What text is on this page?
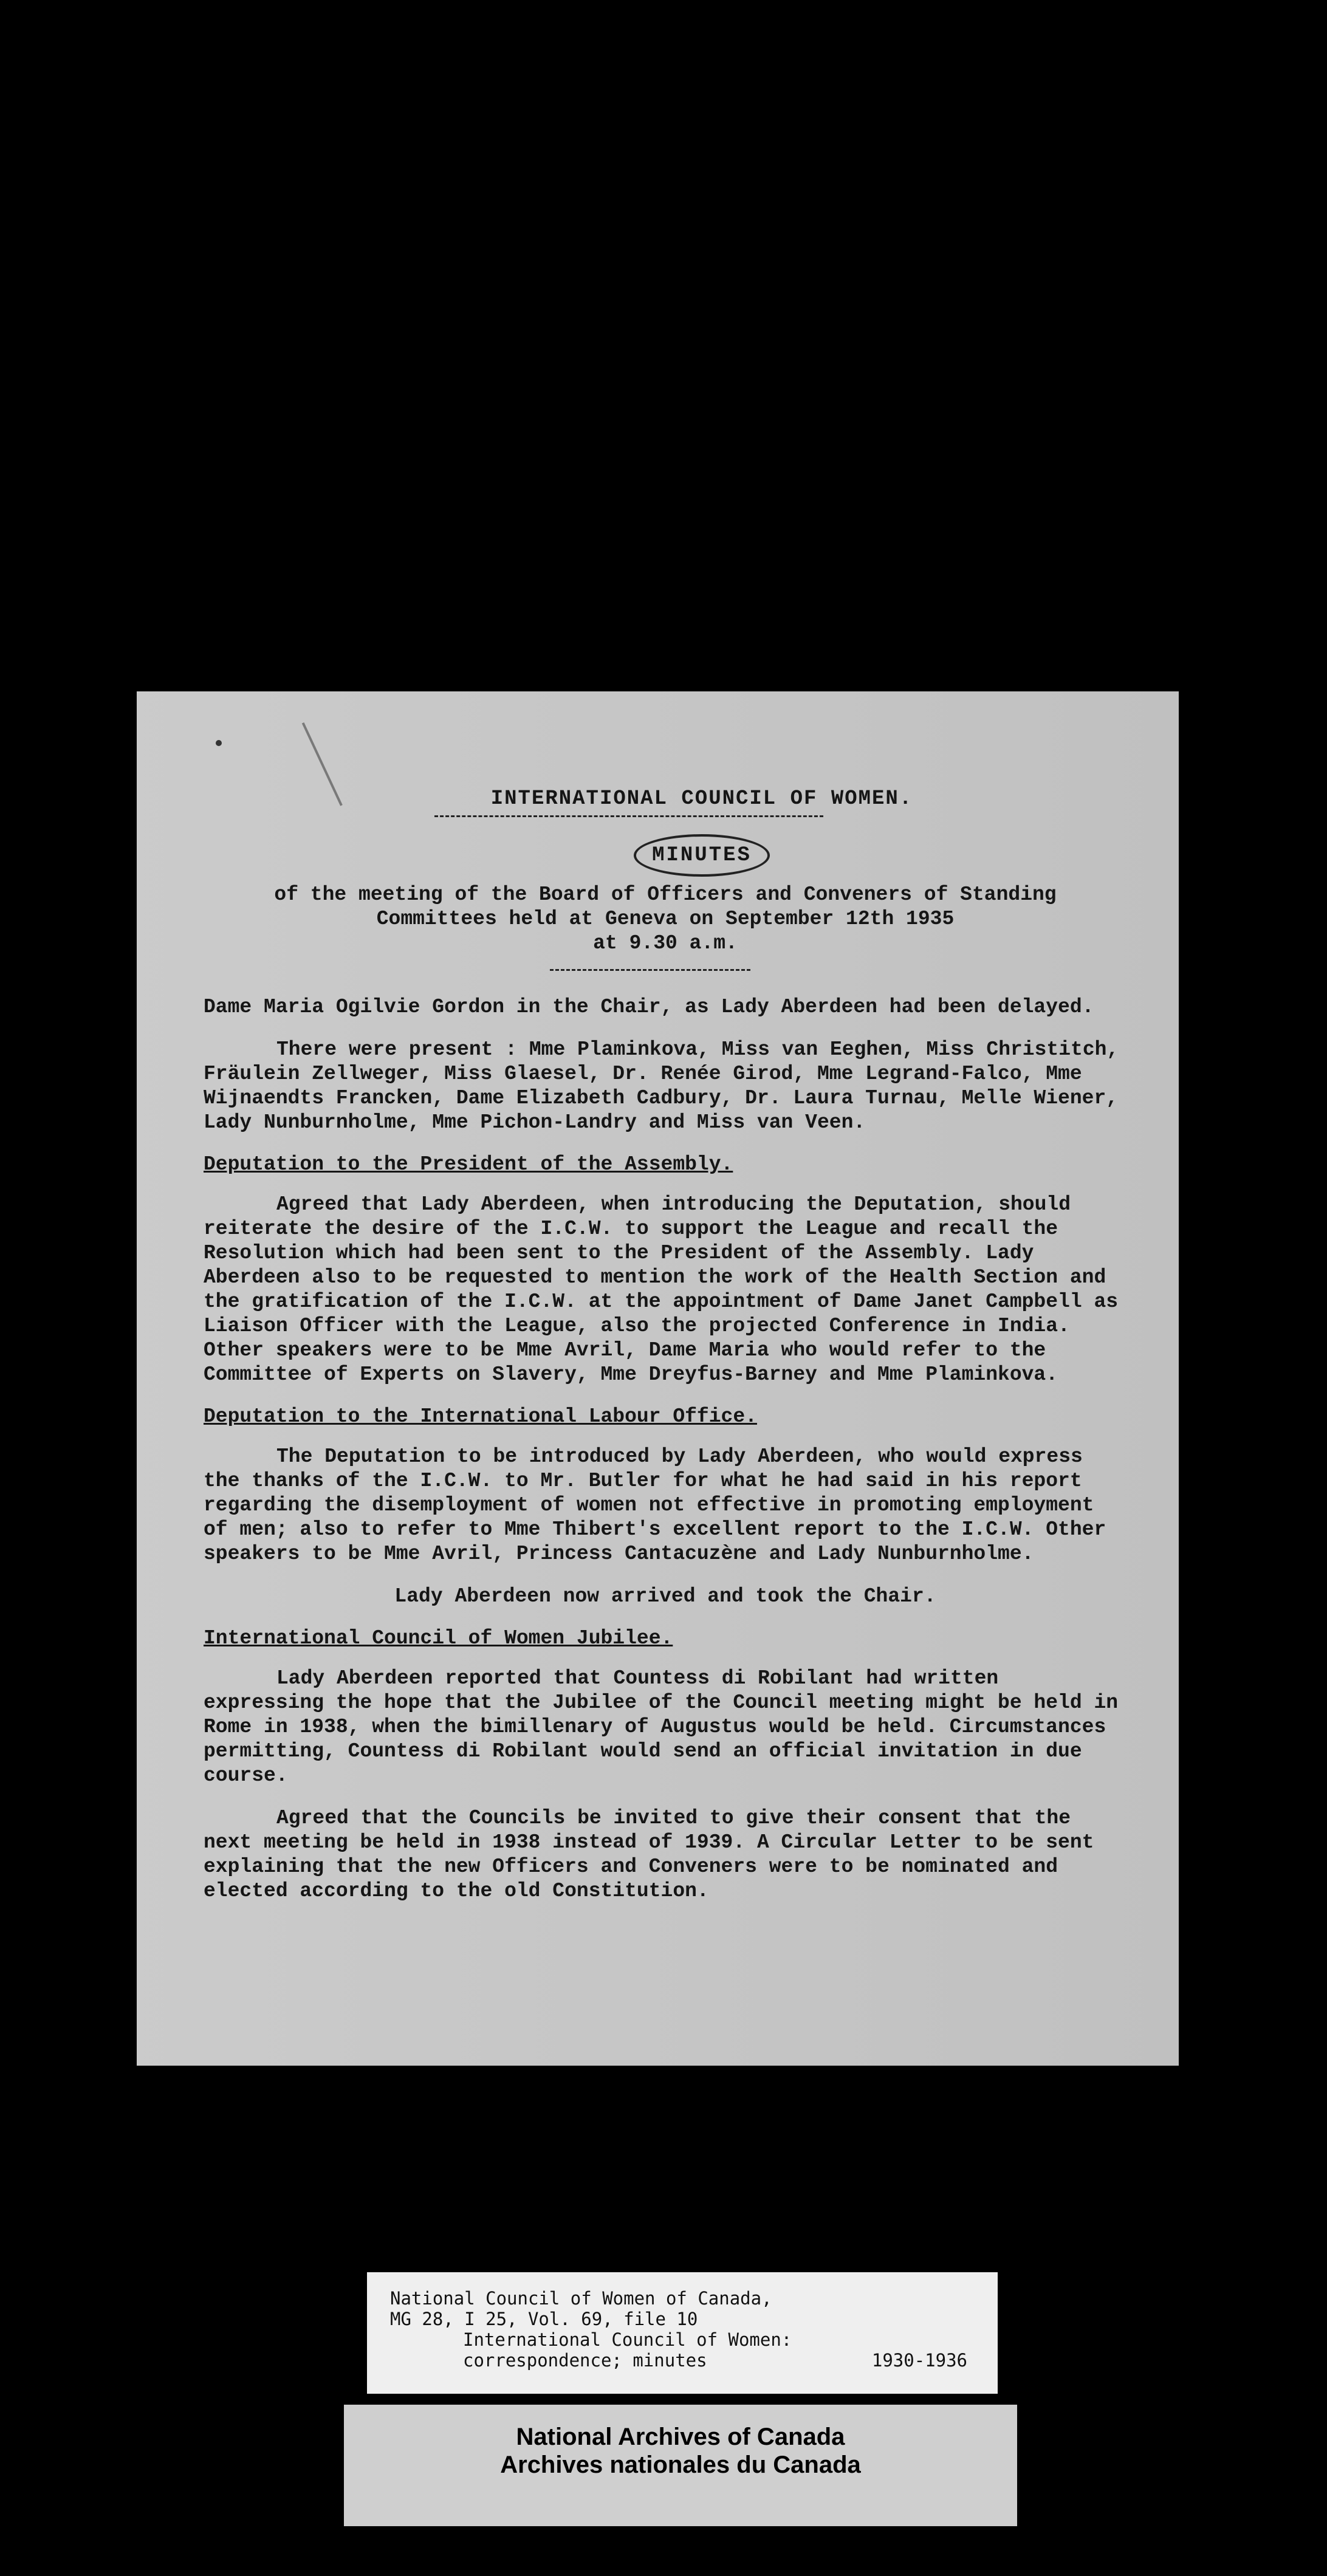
INTERNATIONAL COUNCIL OF WOMEN.
MINUTES
of the meeting of the Board of Officers and Conveners of Standing
Committees held at Geneva on September 12th 1935
at 9.30 a.m.

Dame Maria Ogilvie Gordon in the Chair, as Lady Aberdeen had been delayed.

There were present : Mme Plaminkova, Miss van Eeghen, Miss Christitch, Fräulein Zellweger, Miss Glaesel, Dr. Renée Girod, Mme Legrand-Falco, Mme Wijnaendts Francken, Dame Elizabeth Cadbury, Dr. Laura Turnau, Melle Wiener, Lady Nunburnholme, Mme Pichon-Landry and Miss van Veen.

Deputation to the President of the Assembly.

Agreed that Lady Aberdeen, when introducing the Deputation, should reiterate the desire of the I.C.W. to support the League and recall the Resolution which had been sent to the President of the Assembly. Lady Aberdeen also to be requested to mention the work of the Health Section and the gratification of the I.C.W. at the appointment of Dame Janet Campbell as Liaison Officer with the League, also the projected Conference in India. Other speakers were to be Mme Avril, Dame Maria who would refer to the Committee of Experts on Slavery, Mme Dreyfus-Barney and Mme Plaminkova.

Deputation to the International Labour Office.

The Deputation to be introduced by Lady Aberdeen, who would express the thanks of the I.C.W. to Mr. Butler for what he had said in his report regarding the disemployment of women not effective in promoting employment of men; also to refer to Mme Thibert's excellent report to the I.C.W. Other speakers to be Mme Avril, Princess Cantacuzène and Lady Nunburnholme.

Lady Aberdeen now arrived and took the Chair.

International Council of Women Jubilee.

Lady Aberdeen reported that Countess di Robilant had written expressing the hope that the Jubilee of the Council meeting might be held in Rome in 1938, when the bimillenary of Augustus would be held. Circumstances permitting, Countess di Robilant would send an official invitation in due course.

Agreed that the Councils be invited to give their consent that the next meeting be held in 1938 instead of 1939. A Circular Letter to be sent explaining that the new Officers and Conveners were to be nominated and elected according to the old Constitution.

National Council of Women of Canada,
MG 28, I 25, Vol. 69, file 10
International Council of Women:
correspondence; minutes	1930-1936
National Archives of Canada
Archives nationales du Canada
